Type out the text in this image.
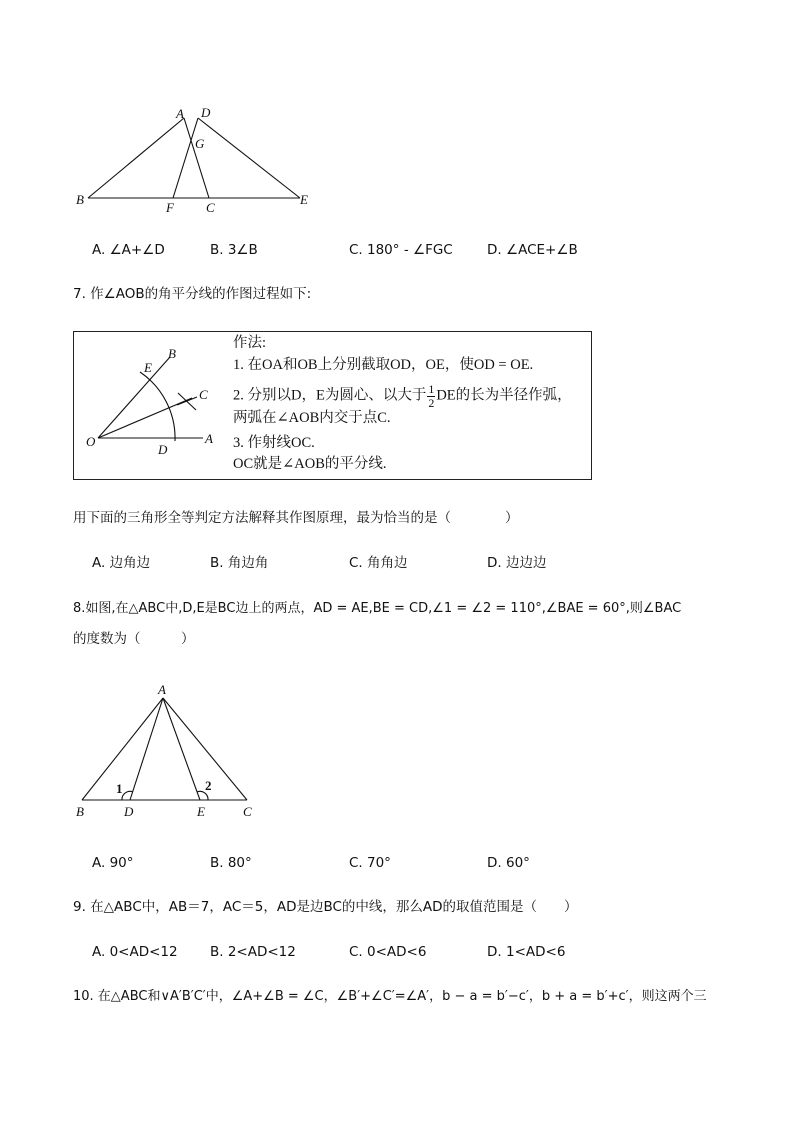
A D
G
B
F C
E
A. ∠A+∠D	B. 3∠B	C. 180° - ∠FGC	D. ∠ACE+∠B
7. 作∠AOB的角平分线的作图过程如下:
B
E
C
O
D
A
作法:
1. 在OA和OB上分别截取OD，OE，使OD = OE.
2. 分别以D，E为圆心、以大于 $\frac{1}{2}$ DE的长为半径作弧，
两弧在∠AOB内交于点C.
3. 作射线OC.
OC就是∠AOB的平分线.
用下面的三角形全等判定方法解释其作图原理，最为恰当的是（　　　　）
A. 边角边	B. 角边角	C. 角角边	D. 边边边
8.如图,在△ABC中,D,E是BC边上的两点，AD = AE,BE = CD,∠1 = ∠2 = 110°,∠BAE = 60°,则∠BAC
的度数为（　　　）
A
B	D	E	C
1	2
A. 90°	B. 80°	C. 70°	D. 60°
9. 在△ABC中，AB＝7，AC＝5，AD是边BC的中线，那么AD的取值范围是（　　）
A. 0<AD<12 B. 2<AD<12	C. 0<AD<6	D. 1<AD<6
10. 在△ABC和∨A′B′C′中，∠A+∠B = ∠C，∠B′+∠C′=∠A′，b − a = b′−c′，b + a = b′+c′，则这两个三
